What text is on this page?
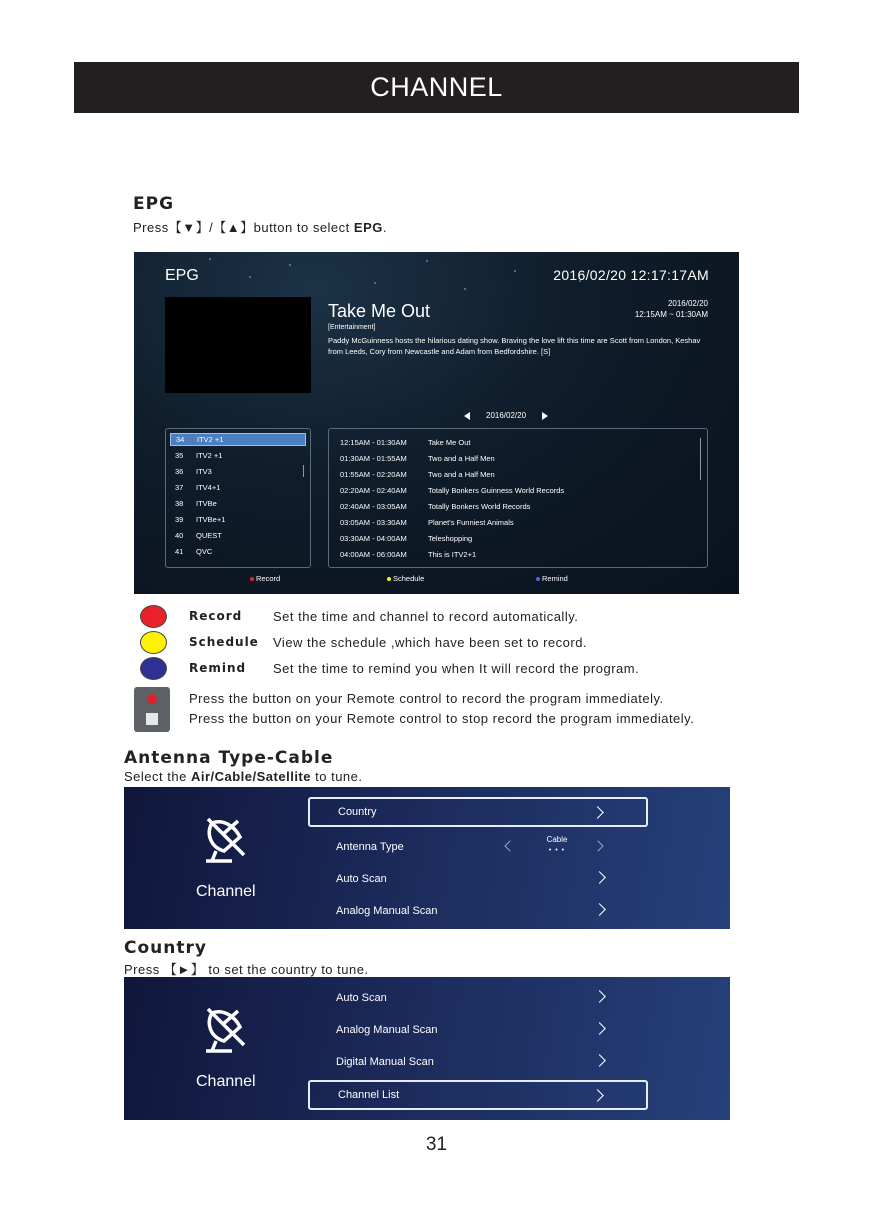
CHANNEL
EPG
Press【▼】/【▲】button to select EPG.
EPG	2016/02/20 12:17:17AM
Take Me Out	2016/02/20
12:15AM ~ 01:30AM
[Entertainment]
Paddy McGuinness hosts the hilarious dating show. Braving the love lift this time are Scott from London, Keshav from Leeds, Cory from Newcastle and Adam from Bedfordshire. [S]
2016/02/20
34	ITV2 +1
35	ITV2 +1
36	ITV3
37	ITV4+1
38	ITVBe
39	ITVBe+1
40	QUEST
41	QVC
12:15AM - 01:30AM	Take Me Out
01:30AM - 01:55AM	Two and a Half Men
01:55AM - 02:20AM	Two and a Half Men
02:20AM - 02:40AM	Totally Bonkers Guinness World Records
02:40AM - 03:05AM	Totally Bonkers World Records
03:05AM - 03:30AM	Planet's Funniest Animals
03:30AM - 04:00AM	Teleshopping
04:00AM - 06:00AM	This is ITV2+1
Record	Schedule	Remind
Record Set the time and channel to record automatically.
Schedule View the schedule ,which have been set to record.
Remind Set the time to remind you when It will record the program.
Press the button on your Remote control to record the program immediately.
Press the button on your Remote control to stop record the program immediately.
Antenna Type-Cable
Select the Air/Cable/Satellite to tune.
Channel
Country
Antenna Type
Cable
• • •
Auto Scan
Analog Manual Scan
Country
Press 【►】 to set the country to tune.
Channel
Auto Scan
Analog Manual Scan
Digital Manual Scan
Channel List
31
